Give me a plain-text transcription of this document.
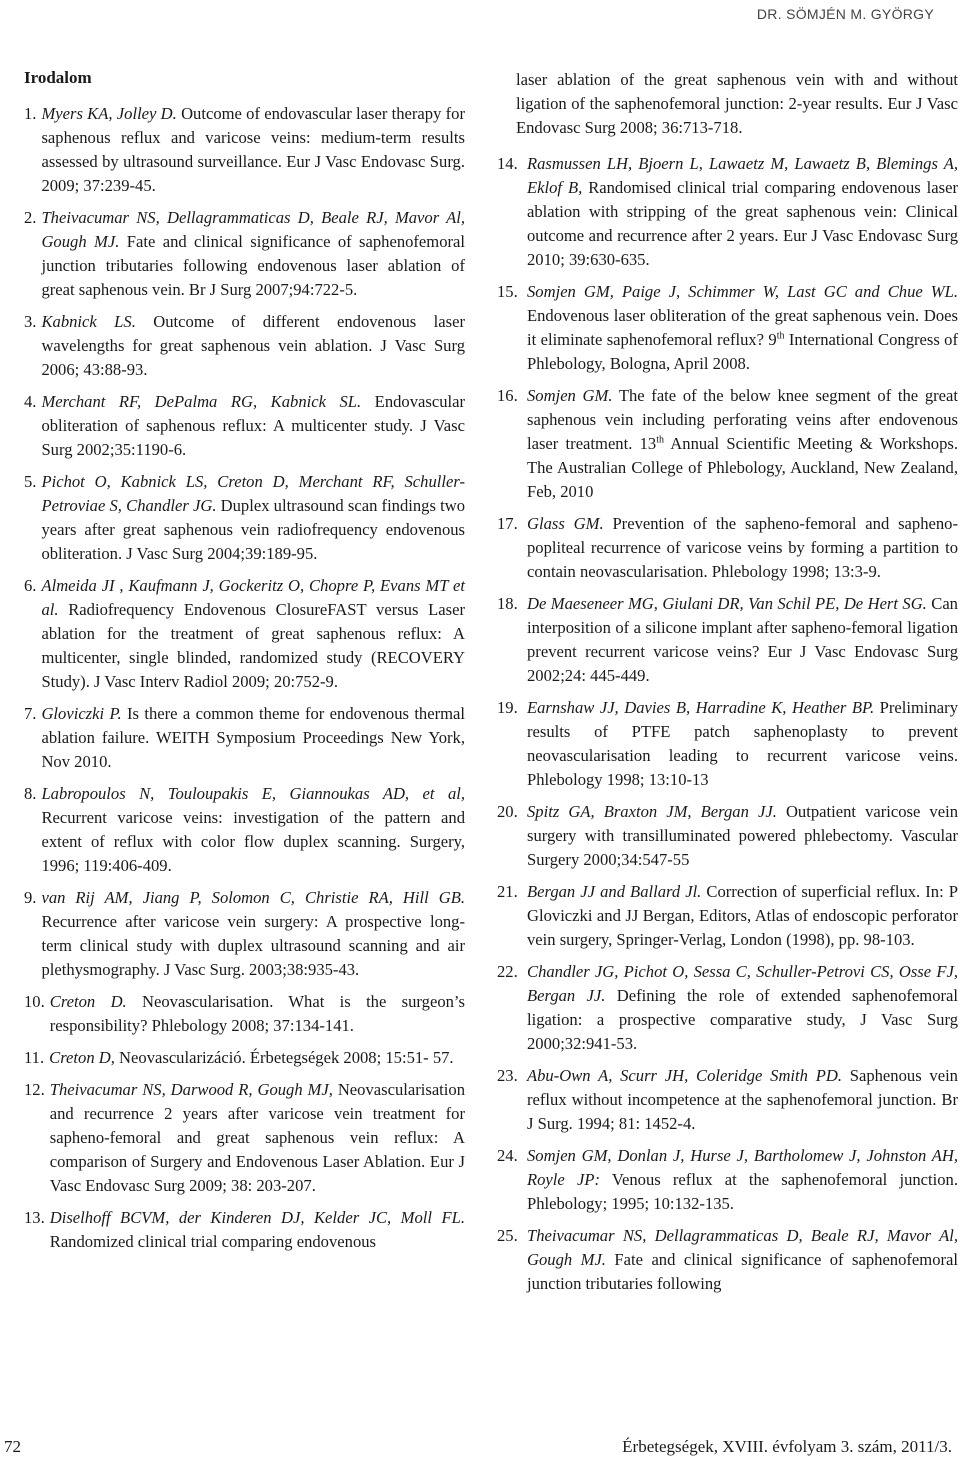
DR. SÖMJÉN M. GYÖRGY
Irodalom
1. Myers KA, Jolley D. Outcome of endovascular laser therapy for saphenous reflux and varicose veins: medium-term results assessed by ultrasound surveillance. Eur J Vasc Endovasc Surg. 2009; 37:239-45.
2. Theivacumar NS, Dellagrammaticas D, Beale RJ, Mavor Al, Gough MJ. Fate and clinical significance of saphenofemoral junction tributaries following endovenous laser ablation of great saphenous vein. Br J Surg 2007;94:722-5.
3. Kabnick LS. Outcome of different endovenous laser wavelengths for great saphenous vein ablation. J Vasc Surg 2006; 43:88-93.
4. Merchant RF, DePalma RG, Kabnick SL. Endovascular obliteration of saphenous reflux: A multicenter study. J Vasc Surg 2002;35:1190-6.
5. Pichot O, Kabnick LS, Creton D, Merchant RF, Schuller-Petroviae S, Chandler JG. Duplex ultrasound scan findings two years after great saphenous vein radiofrequency endovenous obliteration. J Vasc Surg 2004;39:189-95.
6. Almeida JI , Kaufmann J, Gockeritz O, Chopre P, Evans MT et al. Radiofrequency Endovenous ClosureFAST versus Laser ablation for the treatment of great saphenous reflux: A multicenter, single blinded, randomized study (RECOVERY Study). J Vasc Interv Radiol 2009; 20:752-9.
7. Gloviczki P. Is there a common theme for endovenous thermal ablation failure. WEITH Symposium Proceedings New York, Nov 2010.
8. Labropoulos N, Touloupakis E, Giannoukas AD, et al, Recurrent varicose veins: investigation of the pattern and extent of reflux with color flow duplex scanning. Surgery, 1996; 119:406-409.
9. van Rij AM, Jiang P, Solomon C, Christie RA, Hill GB. Recurrence after varicose vein surgery: A prospective long-term clinical study with duplex ultrasound scanning and air plethysmography. J Vasc Surg. 2003;38:935-43.
10. Creton D. Neovascularisation. What is the surgeon’s responsibility? Phlebology 2008; 37:134-141.
11. Creton D, Neovascularizáció. Érbetegségek 2008; 15:51- 57.
12. Theivacumar NS, Darwood R, Gough MJ, Neovascularisation and recurrence 2 years after varicose vein treatment for sapheno-femoral and great saphenous vein reflux: A comparison of Surgery and Endovenous Laser Ablation. Eur J Vasc Endovasc Surg 2009; 38: 203-207.
13. Diselhoff BCVM, der Kinderen DJ, Kelder JC, Moll FL. Randomized clinical trial comparing endovenous
laser ablation of the great saphenous vein with and without ligation of the saphenofemoral junction: 2-year results. Eur J Vasc Endovasc Surg 2008; 36:713-718.
14. Rasmussen LH, Bjoern L, Lawaetz M, Lawaetz B, Blemings A, Eklof B, Randomised clinical trial comparing endovenous laser ablation with stripping of the great saphenous vein: Clinical outcome and recurrence after 2 years. Eur J Vasc Endovasc Surg 2010; 39:630-635.
15. Somjen GM, Paige J, Schimmer W, Last GC and Chue WL. Endovenous laser obliteration of the great saphenous vein. Does it eliminate saphenofemoral reflux? 9th International Congress of Phlebology, Bologna, April 2008.
16. Somjen GM. The fate of the below knee segment of the great saphenous vein including perforating veins after endovenous laser treatment. 13th Annual Scientific Meeting & Workshops. The Australian College of Phlebology, Auckland, New Zealand, Feb, 2010
17. Glass GM. Prevention of the sapheno-femoral and sapheno-popliteal recurrence of varicose veins by forming a partition to contain neovascularisation. Phlebology 1998; 13:3-9.
18. De Maeseneer MG, Giulani DR, Van Schil PE, De Hert SG. Can interposition of a silicone implant after sapheno-femoral ligation prevent recurrent varicose veins? Eur J Vasc Endovasc Surg 2002;24: 445-449.
19. Earnshaw JJ, Davies B, Harradine K, Heather BP. Preliminary results of PTFE patch saphenoplasty to prevent neovascularisation leading to recurrent varicose veins. Phlebology 1998; 13:10-13
20. Spitz GA, Braxton JM, Bergan JJ. Outpatient varicose vein surgery with transilluminated powered phlebectomy. Vascular Surgery 2000;34:547-55
21. Bergan JJ and Ballard Jl. Correction of superficial reflux. In: P Gloviczki and JJ Bergan, Editors, Atlas of endoscopic perforator vein surgery, Springer-Verlag, London (1998), pp. 98-103.
22. Chandler JG, Pichot O, Sessa C, Schuller-Petrovi CS, Osse FJ, Bergan JJ. Defining the role of extended saphenofemoral ligation: a prospective comparative study, J Vasc Surg 2000;32:941-53.
23. Abu-Own A, Scurr JH, Coleridge Smith PD. Saphenous vein reflux without incompetence at the saphenofemoral junction. Br J Surg. 1994; 81: 1452-4.
24. Somjen GM, Donlan J, Hurse J, Bartholomew J, Johnston AH, Royle JP: Venous reflux at the saphenofemoral junction. Phlebology; 1995; 10:132-135.
25. Theivacumar NS, Dellagrammaticas D, Beale RJ, Mavor Al, Gough MJ. Fate and clinical significance of saphenofemoral junction tributaries following
72	Érbetegségek, XVIII. évfolyam 3. szám, 2011/3.
